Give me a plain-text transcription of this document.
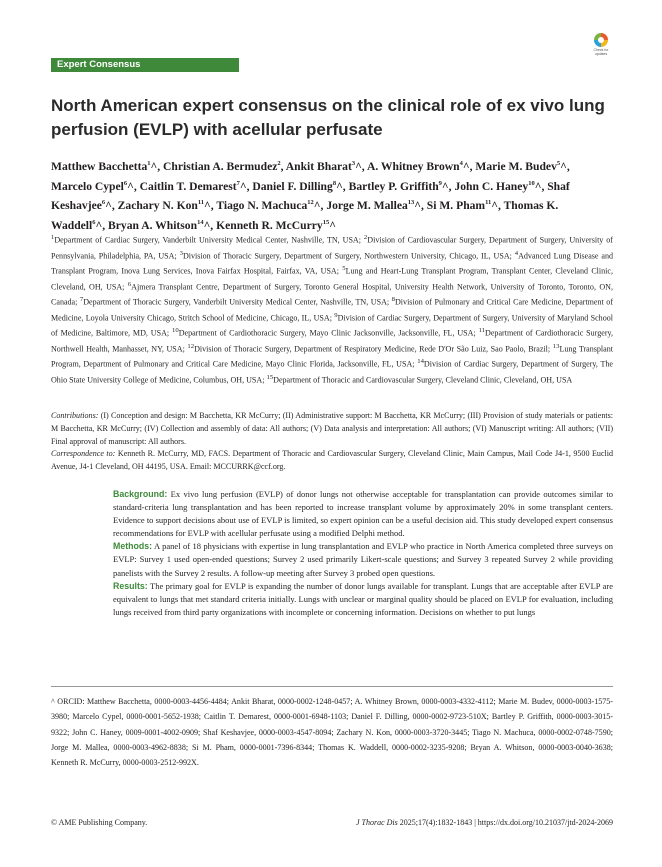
Expert Consensus
Check for updates
North American expert consensus on the clinical role of ex vivo lung perfusion (EVLP) with acellular perfusate

Matthew Bacchetta$^1$^, Christian A. Bermudez$^2$, Ankit Bharat$^3$^, A. Whitney Brown$^4$^, Marie M. Budev$^5$^, Marcelo Cypel$^6$^, Caitlin T. Demarest$^7$^, Daniel F. Dilling$^8$^, Bartley P. Griffith$^9$^, John C. Haney$^{10}$^, Shaf Keshavjee$^6$^, Zachary N. Kon$^{11}$^, Tiago N. Machuca$^{12}$^, Jorge M. Mallea$^{13}$^, Si M. Pham$^{11}$^, Thomas K. Waddell$^6$^, Bryan A. Whitson$^{14}$^, Kenneth R. McCurry$^{15}$^

$^1$Department of Cardiac Surgery, Vanderbilt University Medical Center, Nashville, TN, USA; $^2$Division of Cardiovascular Surgery, Department of Surgery, University of Pennsylvania, Philadelphia, PA, USA; $^3$Division of Thoracic Surgery, Department of Surgery, Northwestern University, Chicago, IL, USA; $^4$Advanced Lung Disease and Transplant Program, Inova Lung Services, Inova Fairfax Hospital, Fairfax, VA, USA; $^5$Lung and Heart-Lung Transplant Program, Transplant Center, Cleveland Clinic, Cleveland, OH, USA; $^6$Ajmera Transplant Centre, Department of Surgery, Toronto General Hospital, University Health Network, University of Toronto, Toronto, ON, Canada; $^7$Department of Thoracic Surgery, Vanderbilt University Medical Center, Nashville, TN, USA; $^8$Division of Pulmonary and Critical Care Medicine, Department of Medicine, Loyola University Chicago, Stritch School of Medicine, Chicago, IL, USA; $^9$Division of Cardiac Surgery, Department of Surgery, University of Maryland School of Medicine, Baltimore, MD, USA; $^{10}$Department of Cardiothoracic Surgery, Mayo Clinic Jacksonville, Jacksonville, FL, USA; $^{11}$Department of Cardiothoracic Surgery, Northwell Health, Manhasset, NY, USA; $^{12}$Division of Thoracic Surgery, Department of Respiratory Medicine, Rede D'Or São Luiz, Sao Paolo, Brazil; $^{13}$Lung Transplant Program, Department of Pulmonary and Critical Care Medicine, Mayo Clinic Florida, Jacksonville, FL, USA; $^{14}$Division of Cardiac Surgery, Department of Surgery, The Ohio State University College of Medicine, Columbus, OH, USA; $^{15}$Department of Thoracic and Cardiovascular Surgery, Cleveland Clinic, Cleveland, OH, USA

Contributions: (I) Conception and design: M Bacchetta, KR McCurry; (II) Administrative support: M Bacchetta, KR McCurry; (III) Provision of study materials or patients: M Bacchetta, KR McCurry; (IV) Collection and assembly of data: All authors; (V) Data analysis and interpretation: All authors; (VI) Manuscript writing: All authors; (VII) Final approval of manuscript: All authors.

Correspondence to: Kenneth R. McCurry, MD, FACS. Department of Thoracic and Cardiovascular Surgery, Cleveland Clinic, Main Campus, Mail Code J4-1, 9500 Euclid Avenue, J4-1 Cleveland, OH 44195, USA. Email: MCCURRK@ccf.org.

Background: Ex vivo lung perfusion (EVLP) of donor lungs not otherwise acceptable for transplantation can provide outcomes similar to standard-criteria lung transplantation and has been reported to increase transplant volume by approximately 20% in some transplant centers. Evidence to support decisions about use of EVLP is limited, so expert opinion can be a useful decision aid. This study developed expert consensus recommendations for EVLP with acellular perfusate using a modified Delphi method.

Methods: A panel of 18 physicians with expertise in lung transplantation and EVLP who practice in North America completed three surveys on EVLP: Survey 1 used open-ended questions; Survey 2 used primarily Likert-scale questions; and Survey 3 repeated Survey 2 while providing panelists with the Survey 2 results. A follow-up meeting after Survey 3 probed open questions.

Results: The primary goal for EVLP is expanding the number of donor lungs available for transplant. Lungs that are acceptable after EVLP are equivalent to lungs that met standard criteria initially. Lungs with unclear or marginal quality should be placed on EVLP for evaluation, including lungs received from third party organizations with incomplete or concerning information. Decisions on whether to put lungs

^ ORCID: Matthew Bacchetta, 0000-0003-4456-4484; Ankit Bharat, 0000-0002-1248-0457; A. Whitney Brown, 0000-0003-4332-4112; Marie M. Budev, 0000-0003-1575-3980; Marcelo Cypel, 0000-0001-5652-1938; Caitlin T. Demarest, 0000-0001-6948-1103; Daniel F. Dilling, 0000-0002-9723-510X; Bartley P. Griffith, 0000-0003-3015-9322; John C. Haney, 0009-0001-4002-0909; Shaf Keshavjee, 0000-0003-4547-8094; Zachary N. Kon, 0000-0003-3720-3445; Tiago N. Machuca, 0000-0002-0748-7590; Jorge M. Mallea, 0000-0003-4962-8838; Si M. Pham, 0000-0001-7396-8344; Thomas K. Waddell, 0000-0002-3235-9208; Bryan A. Whitson, 0000-0003-0040-3638; Kenneth R. McCurry, 0000-0003-2512-992X.

© AME Publishing Company.	J Thorac Dis 2025;17(4):1832-1843 | https://dx.doi.org/10.21037/jtd-2024-2069
